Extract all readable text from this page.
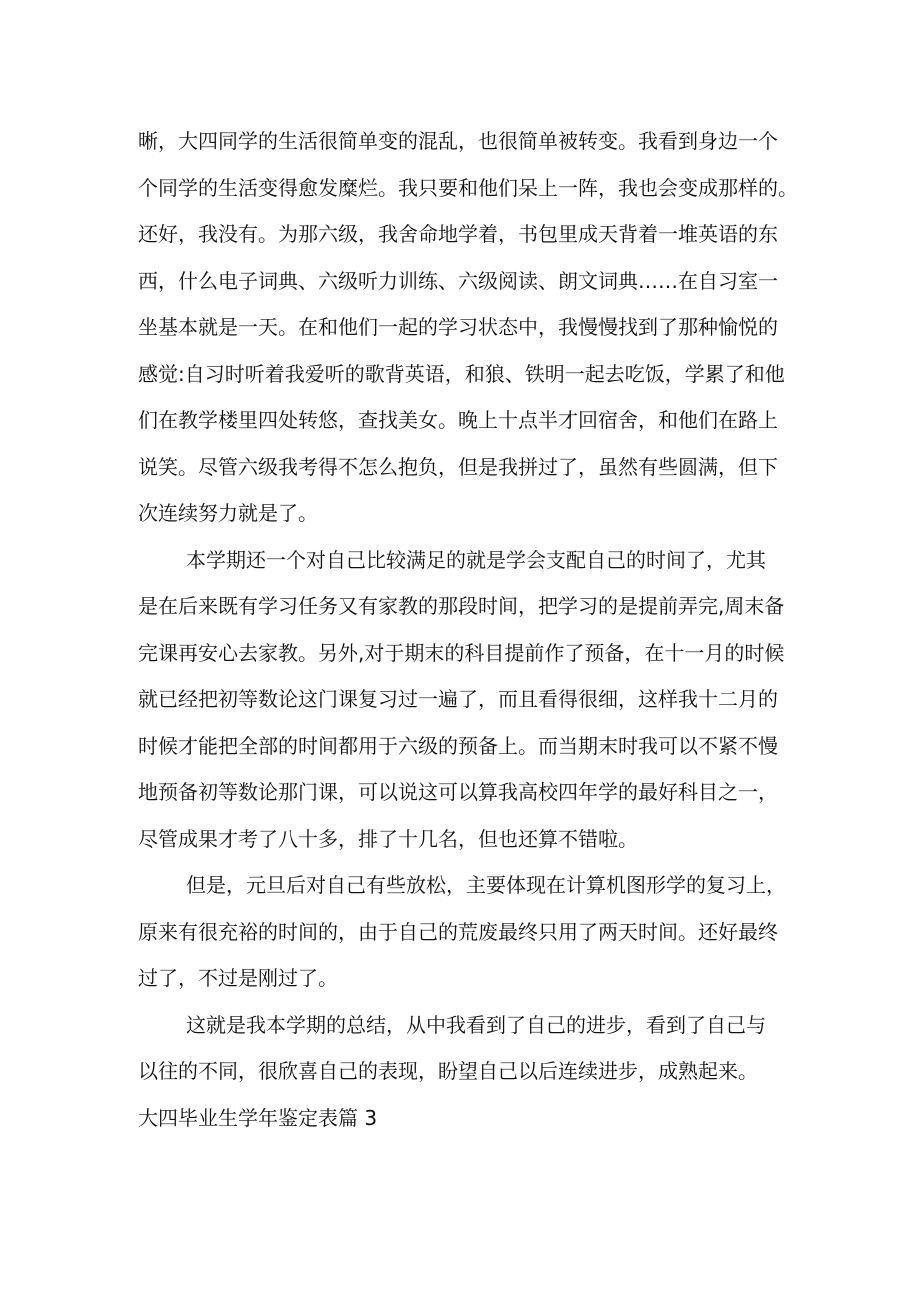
晰，大四同学的生活很简单变的混乱，也很简单被转变。我看到身边一个
个同学的生活变得愈发糜烂。我只要和他们呆上一阵，我也会变成那样的。
还好，我没有。为那六级，我舍命地学着，书包里成天背着一堆英语的东
西，什么电子词典、六级听力训练、六级阅读、朗文词典……在自习室一
坐基本就是一天。在和他们一起的学习状态中，我慢慢找到了那种愉悦的
感觉:自习时听着我爱听的歌背英语，和狼、铁明一起去吃饭，学累了和他
们在教学楼里四处转悠，查找美女。晚上十点半才回宿舍，和他们在路上
说笑。尽管六级我考得不怎么抱负，但是我拼过了，虽然有些圆满，但下
次连续努力就是了。
本学期还一个对自己比较满足的就是学会支配自己的时间了，尤其
是在后来既有学习任务又有家教的那段时间，把学习的是提前弄完,周末备
完课再安心去家教。另外,对于期末的科目提前作了预备，在十一月的时候
就已经把初等数论这门课复习过一遍了，而且看得很细，这样我十二月的
时候才能把全部的时间都用于六级的预备上。而当期末时我可以不紧不慢
地预备初等数论那门课，可以说这可以算我高校四年学的最好科目之一，
尽管成果才考了八十多，排了十几名，但也还算不错啦。
但是，元旦后对自己有些放松，主要体现在计算机图形学的复习上，
原来有很充裕的时间的，由于自己的荒废最终只用了两天时间。还好最终
过了，不过是刚过了。
这就是我本学期的总结，从中我看到了自己的进步，看到了自己与
以往的不同，很欣喜自己的表现，盼望自己以后连续进步，成熟起来。
大四毕业生学年鉴定表篇 3
